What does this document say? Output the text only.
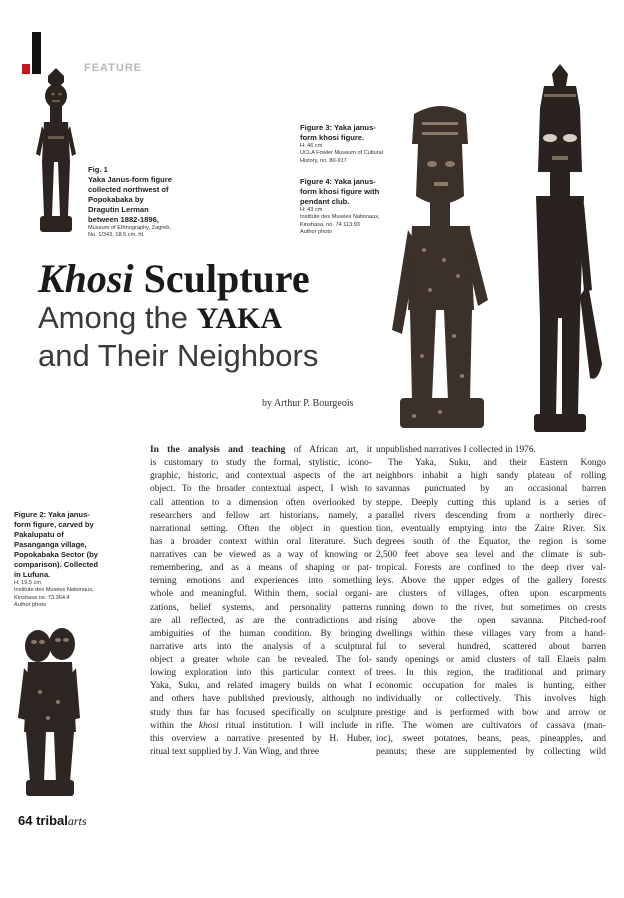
FEATURE
Fig. 1
Yaka Janus-form figure
collected northwest of
Popokabaka by
Dragutin Lerman
between 1882-1896,
Museum of Ethnography, Zagreb,
No. 1/343, 18.5 cm. ht.
Figure 3: Yaka janus-
form khosi figure.
H: 46 cm
UCLA Fowler Museum of Cultural
History, no. 80-917
Figure 4: Yaka janus-
form khosi figure with
pendant club.
H: 43 cm
Institute des Musées Nationaux,
Kinshasa, no. 74.113.93
Author photo
Figure 2: Yaka janus-
form figure, carved by
Pakalupatu of
Pasanganga village,
Popokabaka Sector (by
comparison). Collected
in Lufuna.
H: 19.5 cm
Institute des Musées Nationaux,
Kinshasa no. 73.364.4
Author photo
Khosi Sculpture
Among the YAKA
and Their Neighbors
by Arthur P. Bourgeois
In the analysis and teaching of African art, it
is customary to study the formal, stylistic, icono-
graphic, historic, and contextual aspects of the art
object. To the broader contextual aspect, I wish to
call attention to a dimension often overlooked by
researchers and fellow art historians, namely, a
narrational setting. Often the object in question
has a broader context within oral literature. Such
narratives can be viewed as a way of knowing or
remembering, and as a means of shaping or pat-
terning emotions and experiences into something
whole and meaningful. Within them, social organi-
zations, belief systems, and personality patterns
are all reflected, as are the contradictions and
ambiguities of the human condition. By bringing
narrative arts into the analysis of a sculptural
object a greater whole can be revealed. The fol-
lowing exploration into this particular context of
Yaka, Suku, and related imagery builds on what I
and others have published previously, although no
study thus far has focused specifically on sculpture
within the khosi ritual institution. I will include in
this overview a narrative presented by H. Huber,
ritual text supplied by J. Van Wing, and three
unpublished narratives I collected in 1976.
The Yaka, Suku, and their Eastern Kongo
neighbors inhabit a high sandy plateau of rolling
savannas punctuated by an occasional barren
steppe. Deeply cutting this upland is a series of
parallel rivers descending from a northerly direc-
tion, eventually emptying into the Zaire River. Six
degrees south of the Equator, the region is some
2,500 feet above sea level and the climate is sub-
tropical. Forests are confined to the deep river val-
leys. Above the upper edges of the gallery forests
are clusters of villages, often upon escarpments
running down to the river, but sometimes on crests
rising above the open savanna. Pitched-roof
dwellings within these villages vary from a hand-
ful to several hundred, scattered about barren
sandy openings or amid clusters of tall Elaeis palm
trees. In this region, the traditional and primary
economic occupation for males is hunting, either
individually or collectively. This involves high
prestige and is performed with bow and arrow or
rifle. The women are cultivators of cassava (man-
ioc), sweet potatoes, beans, peas, pineapples, and
peanuts; these are supplemented by collecting wild
64 tribalarts
